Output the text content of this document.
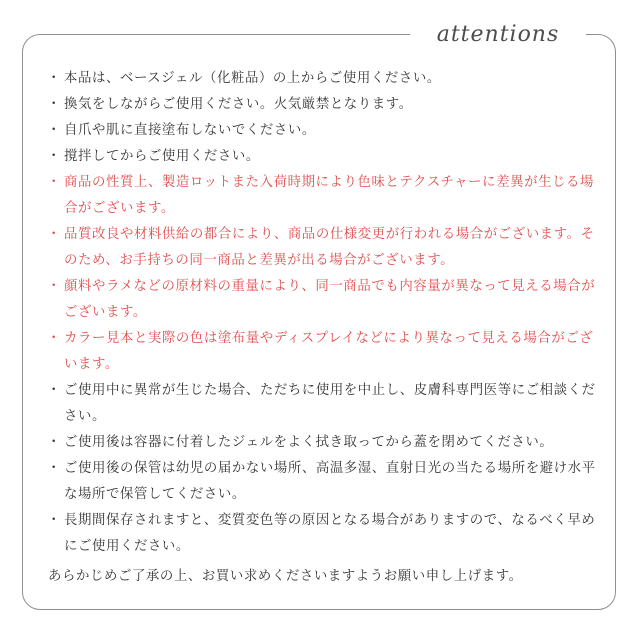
attentions
・ 本品は、ベースジェル（化粧品）の上からご使用ください。
・ 換気をしながらご使用ください。火気厳禁となります。
・ 自爪や肌に直接塗布しないでください。
・ 撹拌してからご使用ください。
・ 商品の性質上、製造ロットまた入荷時期により色味とテクスチャーに差異が生じる場合がございます。
・ 品質改良や材料供給の都合により、商品の仕様変更が行われる場合がございます。そのため、お手持ちの同一商品と差異が出る場合がございます。
・ 顔料やラメなどの原材料の重量により、同一商品でも内容量が異なって見える場合がございます。
・ カラー見本と実際の色は塗布量やディスプレイなどにより異なって見える場合がございます。
・ ご使用中に異常が生じた場合、ただちに使用を中止し、皮膚科専門医等にご相談ください。
・ ご使用後は容器に付着したジェルをよく拭き取ってから蓋を閉めてください。
・ ご使用後の保管は幼児の届かない場所、高温多湿、直射日光の当たる場所を避け水平な場所で保管してください。
・ 長期間保存されますと、変質変色等の原因となる場合がありますので、なるべく早めにご使用ください。
あらかじめご了承の上、お買い求めくださいますようお願い申し上げます。
